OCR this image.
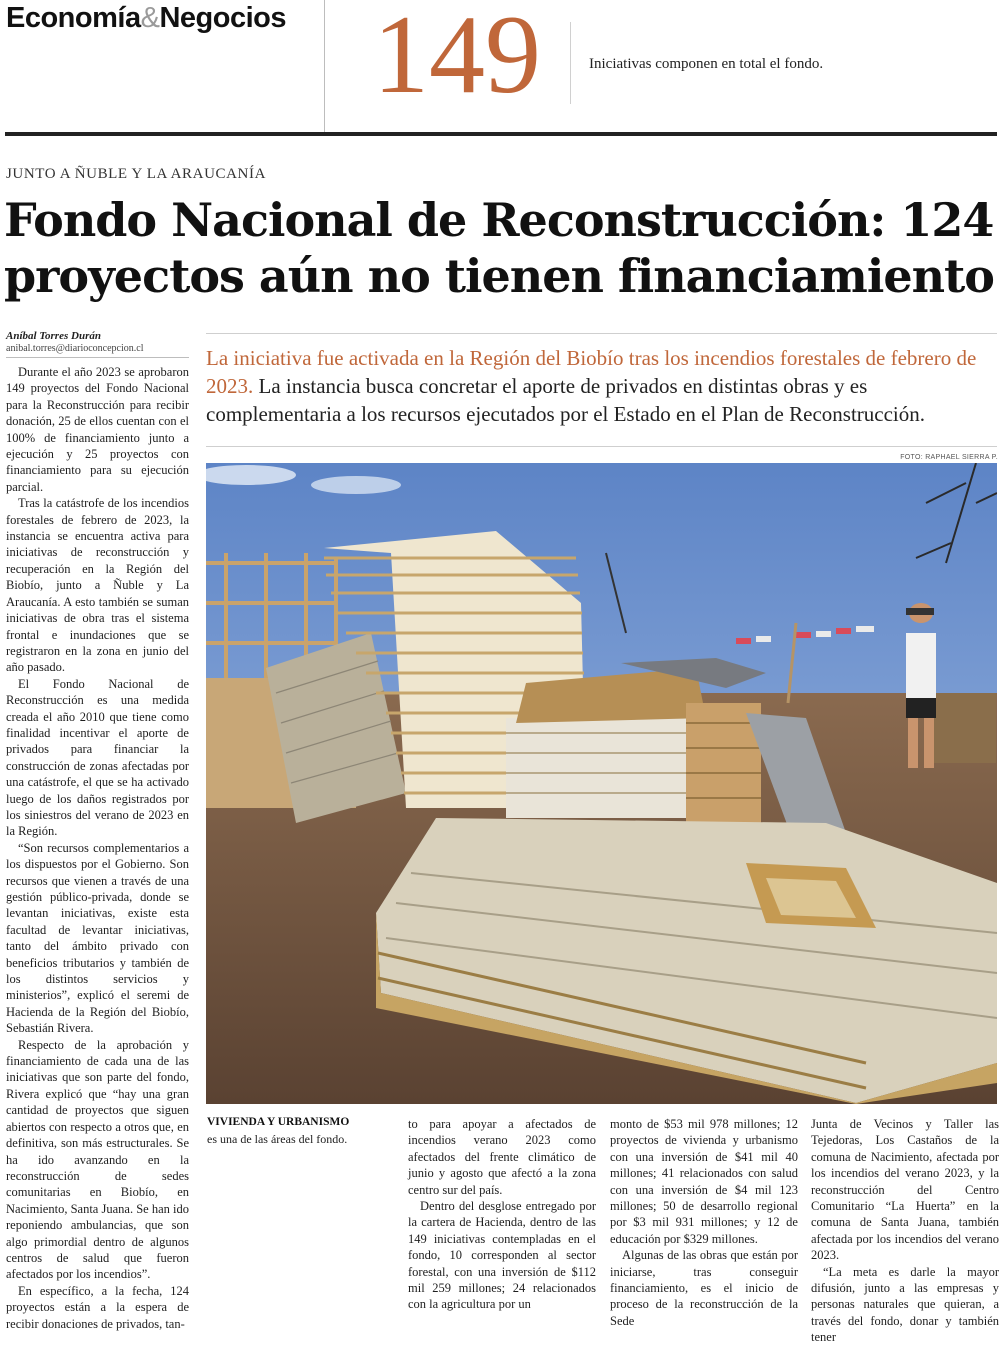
Economía&Negocios 149	Iniciativas componen en total el fondo.
JUNTO A ÑUBLE Y LA ARAUCANÍA
Fondo Nacional de Reconstrucción: 124 proyectos aún no tienen financiamiento
Aníbal Torres Durán
anibal.torres@diarioconcepcion.cl	La iniciativa fue activada en la Región del Biobío tras los incendios forestales de febrero de 2023. La instancia busca concretar el aporte de privados en distintas obras y es complementaria a los recursos ejecutados por el Estado en el Plan de Reconstrucción.

FOTO: RAPHAEL SIERRA P.

Durante el año 2023 se aprobaron 149 proyectos del Fondo Nacional para la Reconstrucción para recibir donación, 25 de ellos cuentan con el 100% de financiamiento junto a ejecución y 25 proyectos con financiamiento para su ejecución parcial.

Tras la catástrofe de los incendios forestales de febrero de 2023, la instancia se encuentra activa para iniciativas de reconstrucción y recuperación en la Región del Biobío, junto a Ñuble y La Araucanía. A esto también se suman iniciativas de obra tras el sistema frontal e inundaciones que se registraron en la zona en junio del año pasado.

El Fondo Nacional de Reconstrucción es una medida creada el año 2010 que tiene como finalidad incentivar el aporte de privados para financiar la construcción de zonas afectadas por una catástrofe, el que se ha activado luego de los daños registrados por los siniestros del verano de 2023 en la Región.

“Son recursos complementarios a los dispuestos por el Gobierno. Son recursos que vienen a través de una gestión público-privada, donde se levantan iniciativas, existe esta facultad de levantar iniciativas, tanto del ámbito privado con beneficios tributarios y también de los distintos servicios y ministerios”, explicó el seremi de Hacienda de la Región del Biobío, Sebastián Rivera.

Respecto de la aprobación y financiamiento de cada una de las iniciativas que son parte del fondo, Rivera explicó que “hay una gran cantidad de proyectos que siguen abiertos con respecto a otros que, en definitiva, son más estructurales. Se ha ido avanzando en la reconstrucción de sedes comunitarias en Biobío, en Nacimiento, Santa Juana. Se han ido reponiendo ambulancias, que son algo primordial dentro de algunos centros de salud que fueron afectados por los incendios”.

En específico, a la fecha, 124 proyectos están a la espera de recibir donaciones de privados, tan-

VIVIENDA Y URBANISMO
es una de las áreas del fondo.

to para apoyar a afectados de incendios verano 2023 como afectados del frente climático de junio y agosto que afectó a la zona centro sur del país.

Dentro del desglose entregado por la cartera de Hacienda, dentro de las 149 iniciativas contempladas en el fondo, 10 corresponden al sector forestal, con una inversión de $112 mil 259 millones; 24 relacionados con la agricultura por un

monto de $53 mil 978 millones; 12 proyectos de vivienda y urbanismo con una inversión de $41 mil 40 millones; 41 relacionados con salud con una inversión de $4 mil 123 millones; 50 de desarrollo regional por $3 mil 931 millones; y 12 de educación por $329 millones.

Algunas de las obras que están por iniciarse, tras conseguir financiamiento, es el inicio de proceso de la reconstrucción de la Sede

Junta de Vecinos y Taller las Tejedoras, Los Castaños de la comuna de Nacimiento, afectada por los incendios del verano 2023, y la reconstrucción del Centro Comunitario “La Huerta” en la comuna de Santa Juana, también afectada por los incendios del verano 2023.

“La meta es darle la mayor difusión, junto a las empresas y personas naturales que quieran, a través del fondo, donar y también tener
